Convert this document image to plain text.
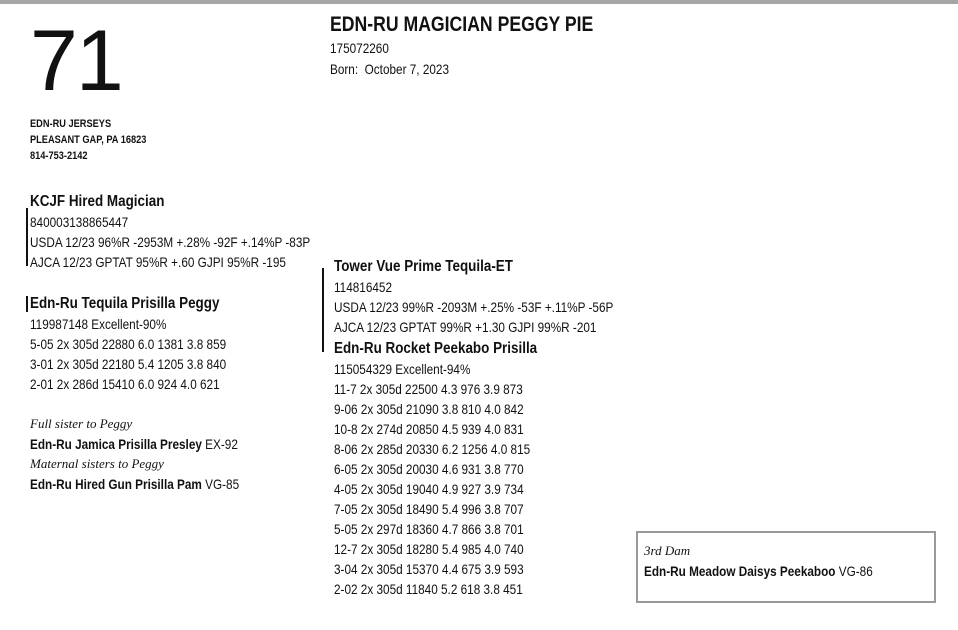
71
EDN-RU JERSEYS
PLEASANT GAP, PA 16823
814-753-2142
EDN-RU MAGICIAN PEGGY PIE
175072260
Born: October 7, 2023
KCJF Hired Magician
840003138865447
USDA 12/23 96%R -2953M +.28% -92F +.14%P -83P
AJCA 12/23 GPTAT 95%R +.60 GJPI 95%R -195
Edn-Ru Tequila Prisilla Peggy
119987148 Excellent-90%
5-05 2x 305d 22880 6.0 1381 3.8 859
3-01 2x 305d 22180 5.4 1205 3.8 840
2-01 2x 286d 15410 6.0 924 4.0 621
Full sister to Peggy
Edn-Ru Jamica Prisilla Presley EX-92
Maternal sisters to Peggy
Edn-Ru Hired Gun Prisilla Pam VG-85
Tower Vue Prime Tequila-ET
114816452
USDA 12/23 99%R -2093M +.25% -53F +.11%P -56P
AJCA 12/23 GPTAT 99%R +1.30 GJPI 99%R -201
Edn-Ru Rocket Peekabo Prisilla
115054329 Excellent-94%
11-7 2x 305d 22500 4.3 976 3.9 873
9-06 2x 305d 21090 3.8 810 4.0 842
10-8 2x 274d 20850 4.5 939 4.0 831
8-06 2x 285d 20330 6.2 1256 4.0 815
6-05 2x 305d 20030 4.6 931 3.8 770
4-05 2x 305d 19040 4.9 927 3.9 734
7-05 2x 305d 18490 5.4 996 3.8 707
5-05 2x 297d 18360 4.7 866 3.8 701
12-7 2x 305d 18280 5.4 985 4.0 740
3-04 2x 305d 15370 4.4 675 3.9 593
2-02 2x 305d 11840 5.2 618 3.8 451
3rd Dam
Edn-Ru Meadow Daisys Peekaboo VG-86
